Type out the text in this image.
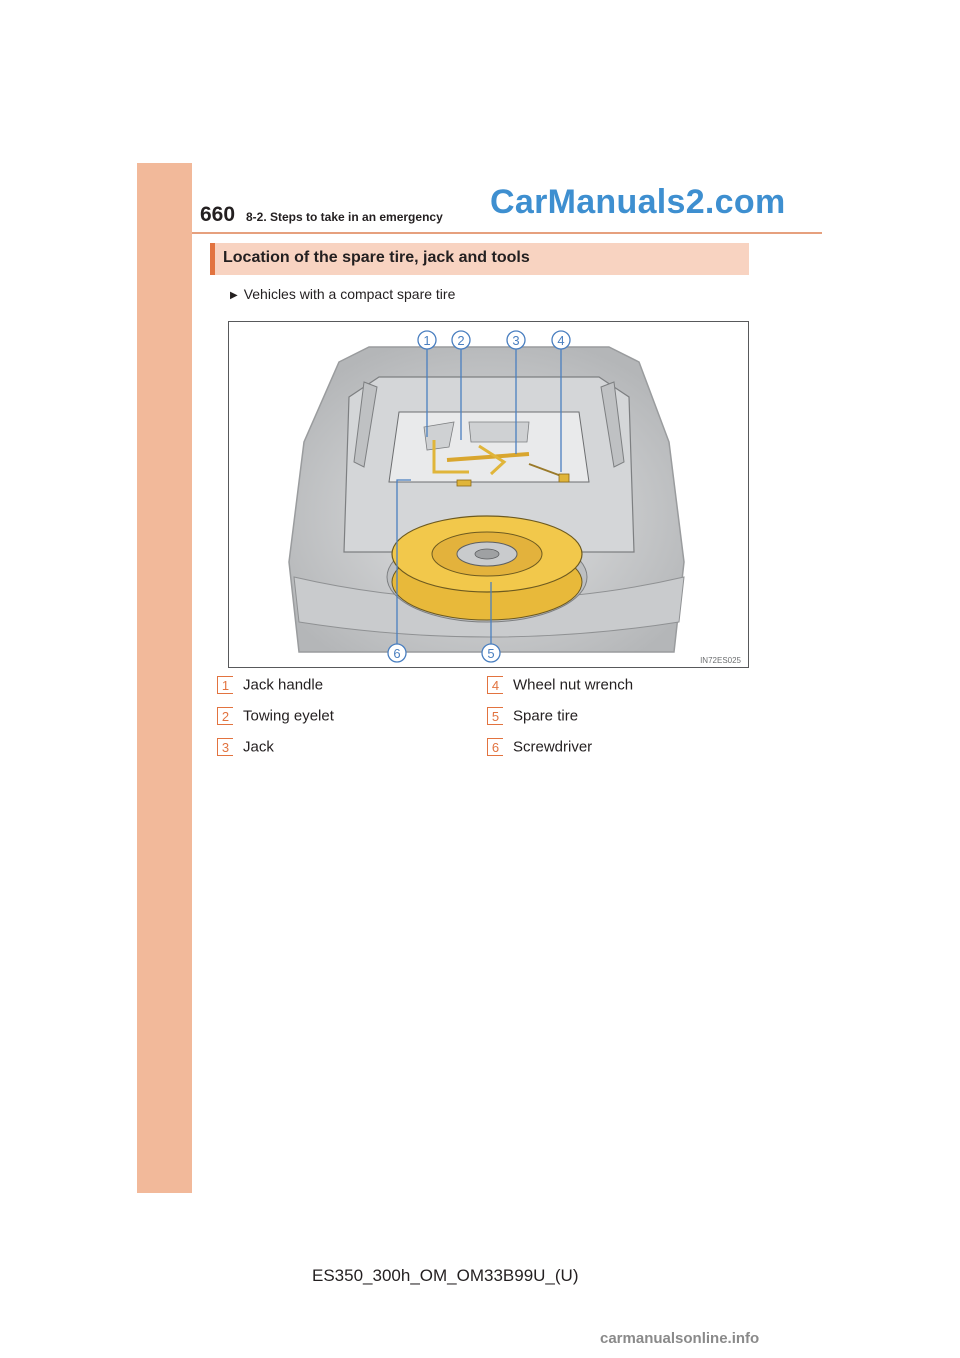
660 8-2. Steps to take in an emergency CarManuals2.com
Location of the spare tire, jack and tools
▶ Vehicles with a compact spare tire
1 2	3	4
5
6	IN72ES025
1 Jack handle
2 Towing eyelet
3 Jack
4 Wheel nut wrench
5 Spare tire
6 Screwdriver
ES350_300h_OM_OM33B99U_(U)
carmanualsonline.info
